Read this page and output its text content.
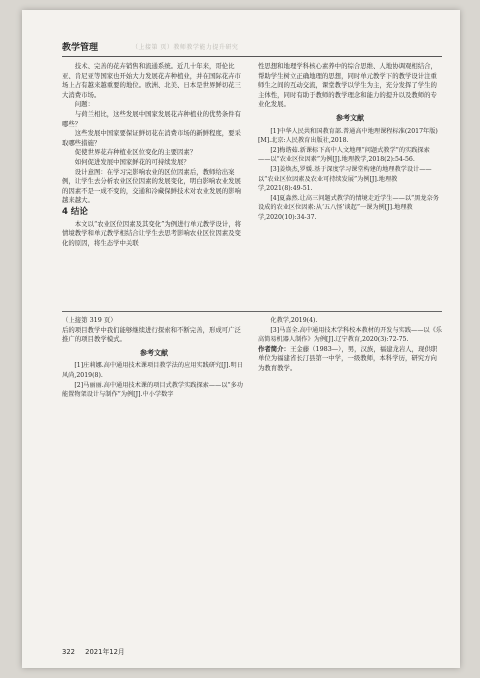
教学管理	（上接第 页）教师教学能力提升研究

技术、完善的花卉销售和流通系统。近几十年来，哥伦比亚、肯尼亚等国家也开始大力发展花卉种植业，并在国际花卉市场上占有越来越重要的地位。欧洲、北美、日本是世界鲜切花三大消费市场。

问题：

与荷兰相比，这些发展中国家发展花卉种植业的优势条件有哪些？

这些发展中国家要保证鲜切花在消费市场的新鲜程度，要采取哪些措施？

促使世界花卉种植业区位变化的主要因素？

如何促进发展中国家鲜花的可持续发展？

设计意图：在学习完影响农业的区位因素后，教师给出案例，让学生去分析农业区位因素的发展变化，明白影响农业发展的因素不是一成不变的，交通和冷藏保鲜技术对农业发展的影响越来越大。

4 结论

本文以“农业区位因素及其变化”为例进行单元教学设计，将情境教学和单元教学相结合让学生去思考影响农业区位因素及变化的原因，将生态学中关联

性思想和地理学科核心素养中的综合思维、人地协调观相结合，帮助学生树立正确地理的思想，同时单元教学下的教学设计注重师生之间的互动交流，课堂教学以学生为主，充分发挥了学生的主体性，同时有助于教师的教学理念和能力的提升以及教师的专业化发展。

参考文献

[1]中华人民共和国教育部.普通高中地理课程标准(2017年版)[M].北京:人民教育出版社,2018.

[2]梅谐茹.新课标下高中人文地理“问题式教学”的实践探索——以“农业区位因素”为例[J].地理教学,2018(2):54-56.

[3]姜焕杰,罗媛.基于深度学习课堂构建的地理教学设计——以“农业区位因素及农业可持续发展”为例[J].地理教学,2021(8):49-51.

[4]夏淼然.让高三问题式教学的情境走近学生——以“黑龙奈务设成的农业区位因素:从‘五八怪’谈起”一课为例[J].地理教学,2020(10):34-37.

（上接第 319 页）

后的项目教学中我们能够继续进行探索和不断完善，形成可广泛推广的项目教学模式。

参考文献

[1]庄莉娜.高中通用技术课项目教学法的应用实践研究[J].明日风尚,2019(8).

[2]马丽丽.高中通用技术课的项目式教学实践探索——以“多功能置物架设计与制作”为例[J].中小学数字

化教学,2019(4).

[3]马喜全.高中通用技术学科校本教材的开发与实践——以《乐高简易机器人制作》为例[J].辽宁教育,2020(3):72-75.

作者简介：王金藤（1983—），男，汉族，福建龙岩人，现供职单位为福建省长汀县第一中学，一级教师，本科学历，研究方向为教育教学。

322 2021年12月
